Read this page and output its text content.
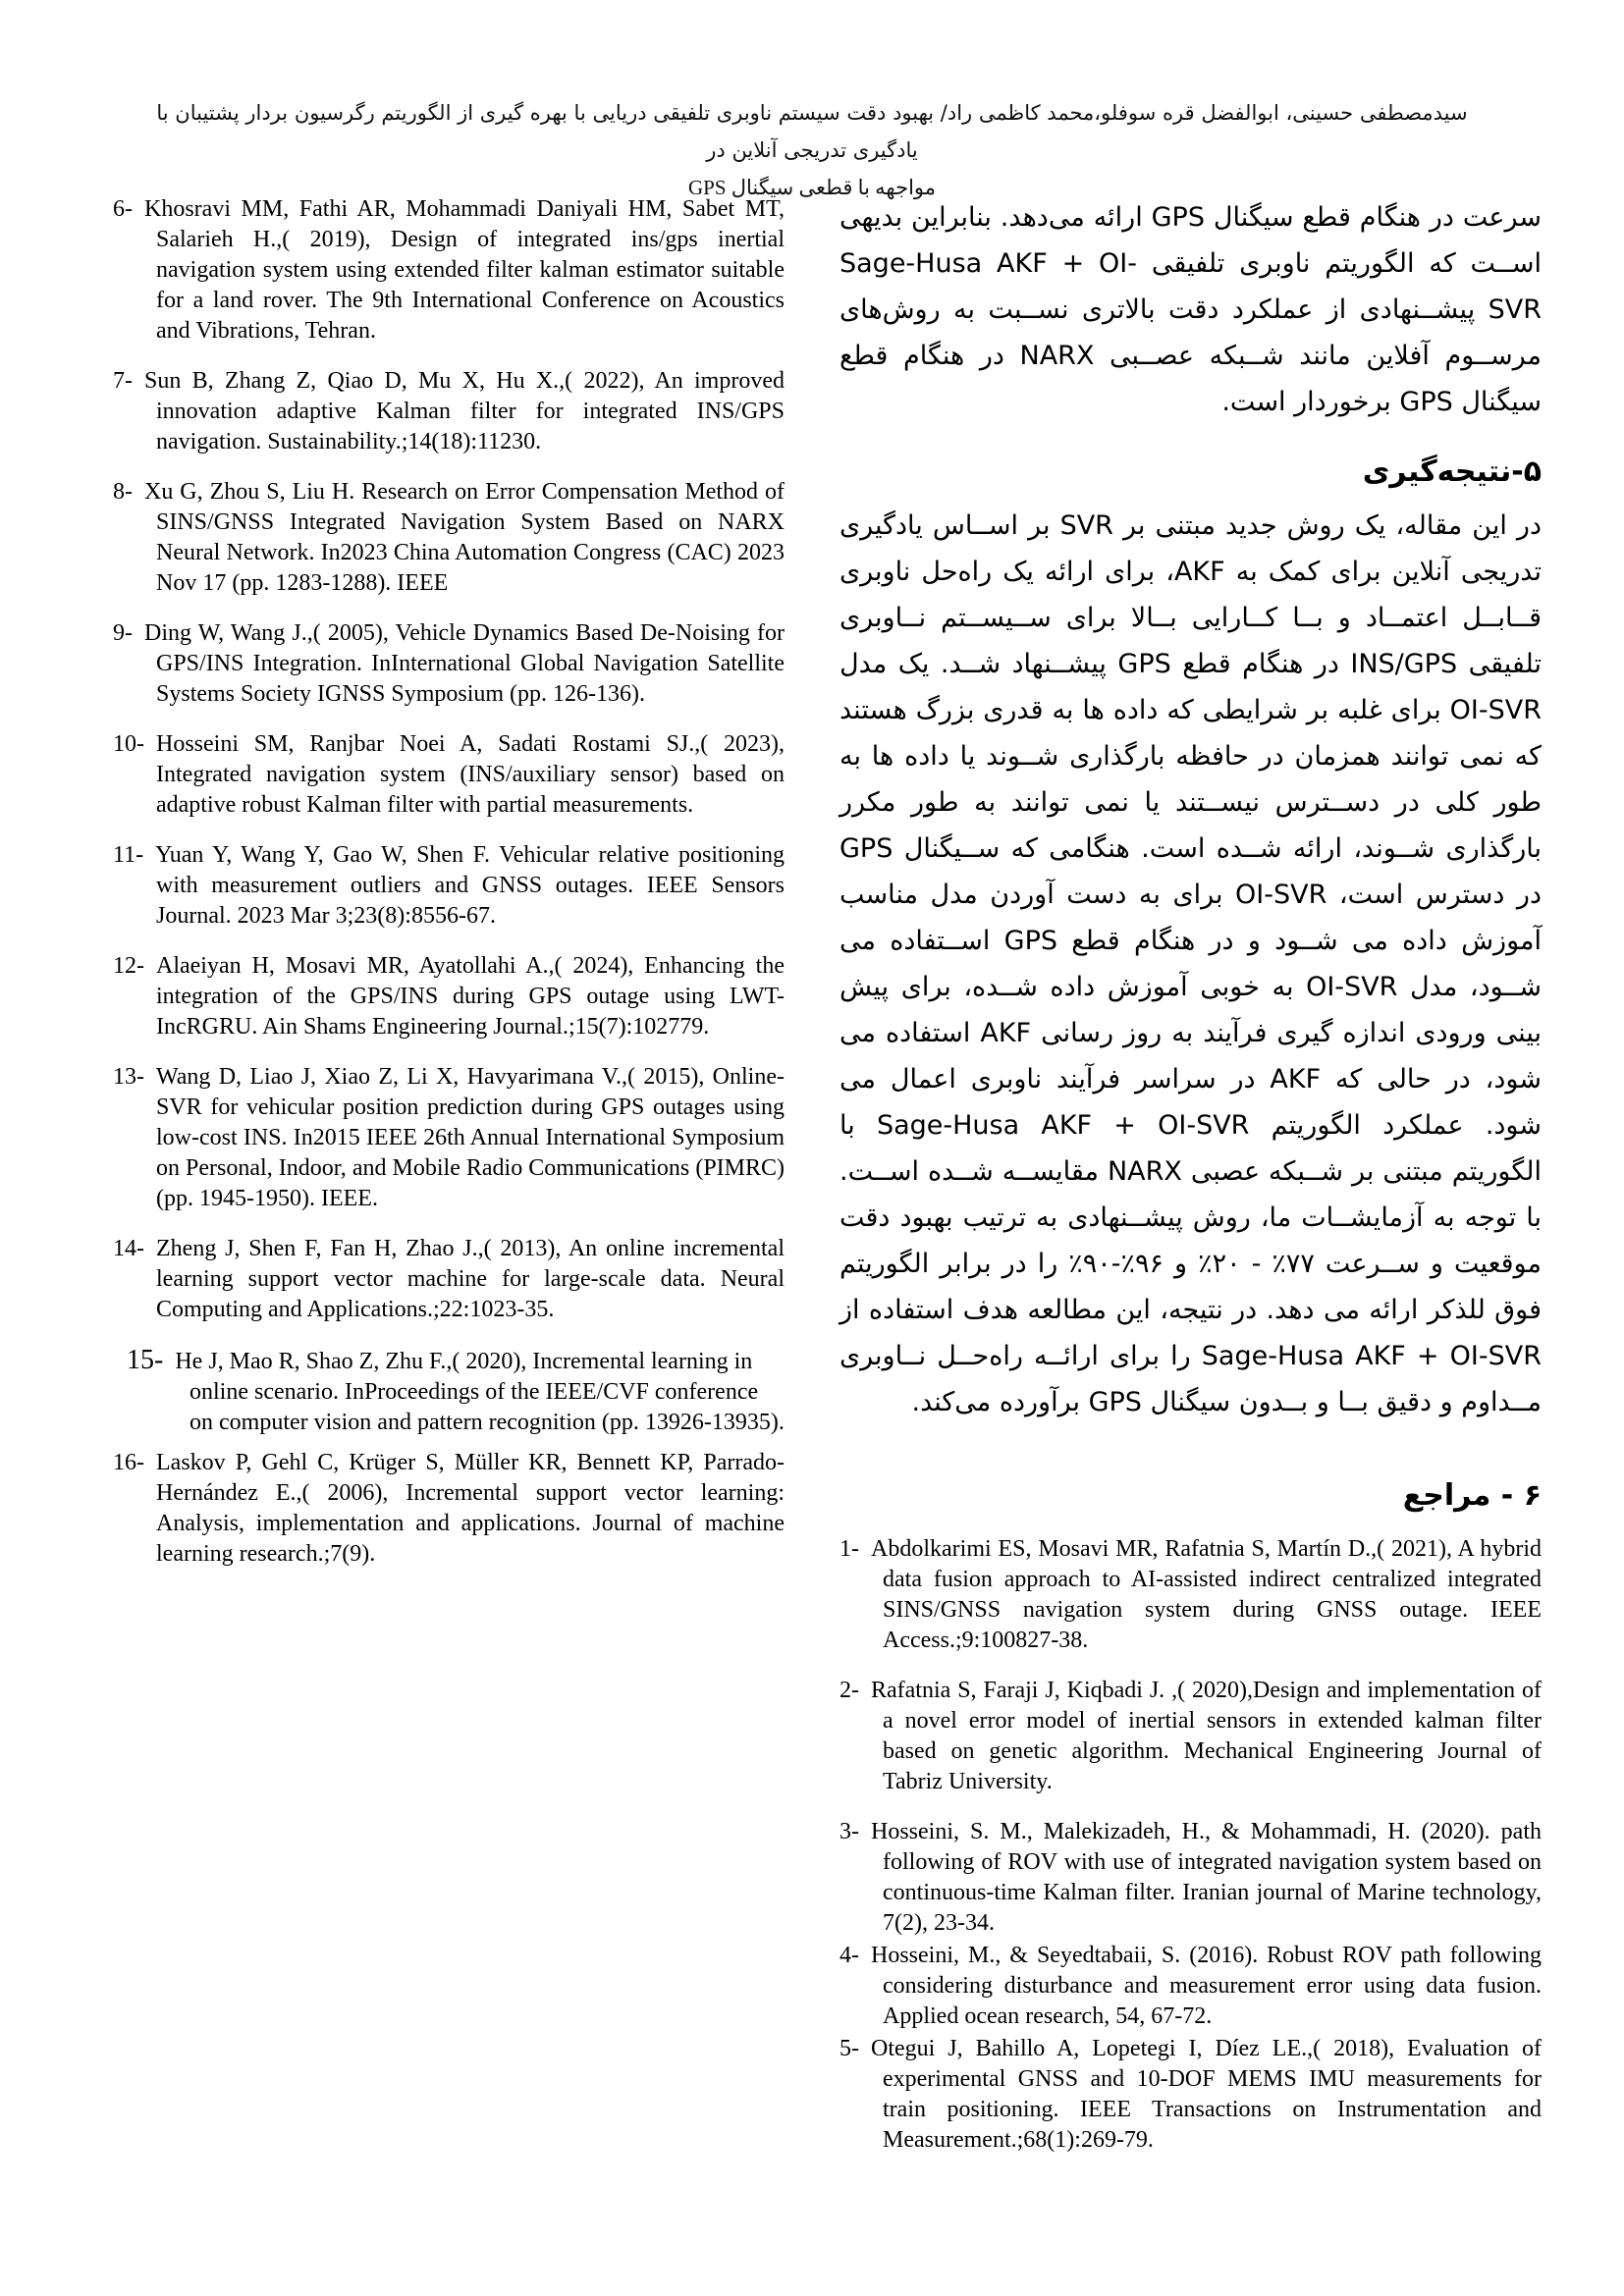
سیدمصطفی حسینی، ابوالفضل قره سوفلو،محمد کاظمی راد/ بهبود دقت سیستم ناوبری تلفیقی دریایی با بهره گیری از الگوریتم رگرسیون بردار پشتیبان با یادگیری تدریجی آنلاین در
مواجهه با قطعی سیگنال GPS

6- Khosravi MM, Fathi AR, Mohammadi Daniyali HM, Sabet MT, Salarieh H.,( 2019), Design of integrated ins/gps inertial navigation system using extended filter kalman estimator suitable for a land rover. The 9th International Conference on Acoustics and Vibrations, Tehran.

7- Sun B, Zhang Z, Qiao D, Mu X, Hu X.,( 2022), An improved innovation adaptive Kalman filter for integrated INS/GPS navigation. Sustainability.;14(18):11230.

8- Xu G, Zhou S, Liu H. Research on Error Compensation Method of SINS/GNSS Integrated Navigation System Based on NARX Neural Network. In2023 China Automation Congress (CAC) 2023 Nov 17 (pp. 1283-1288). IEEE

9- Ding W, Wang J.,( 2005), Vehicle Dynamics Based De-Noising for GPS/INS Integration. InInternational Global Navigation Satellite Systems Society IGNSS Symposium (pp. 126-136).

10- Hosseini SM, Ranjbar Noei A, Sadati Rostami SJ.,( 2023), Integrated navigation system (INS/auxiliary sensor) based on adaptive robust Kalman filter with partial measurements.

11- Yuan Y, Wang Y, Gao W, Shen F. Vehicular relative positioning with measurement outliers and GNSS outages. IEEE Sensors Journal. 2023 Mar 3;23(8):8556-67.

12- Alaeiyan H, Mosavi MR, Ayatollahi A.,( 2024), Enhancing the integration of the GPS/INS during GPS outage using LWT-IncRGRU. Ain Shams Engineering Journal.;15(7):102779.

13- Wang D, Liao J, Xiao Z, Li X, Havyarimana V.,( 2015), Online-SVR for vehicular position prediction during GPS outages using low-cost INS. In2015 IEEE 26th Annual International Symposium on Personal, Indoor, and Mobile Radio Communications (PIMRC) (pp. 1945-1950). IEEE.

14- Zheng J, Shen F, Fan H, Zhao J.,( 2013), An online incremental learning support vector machine for large-scale data. Neural Computing and Applications.;22:1023-35.

15- He J, Mao R, Shao Z, Zhu F.,( 2020), Incremental learning in online scenario. InProceedings of the IEEE/CVF conference on computer vision and pattern recognition (pp. 13926-13935).

16- Laskov P, Gehl C, Krüger S, Müller KR, Bennett KP, Parrado-Hernández E.,( 2006), Incremental support vector learning: Analysis, implementation and applications. Journal of machine learning research.;7(9).

سرعت در هنگام قطع سیگنال GPS ارائه می‌دهد. بنابراین بدیهی اســت که الگوریتم ناوبری تلفیقی Sage-Husa AKF + OI-SVR پیشــنهادی از عملکرد دقت بالاتری نســبت به روش‌های مرســوم آفلاین مانند شــبکه عصــبی NARX در هنگام قطع سیگنال GPS برخوردار است.

۵-نتیجه‌گیری

در این مقاله، یک روش جدید مبتنی بر SVR بر اســاس یادگیری تدریجی آنلاین برای کمک به AKF، برای ارائه یک راه‌حل ناوبری قــابــل اعتمــاد و بــا کــارایی بــالا برای ســیســتم نــاوبری تلفیقی INS/GPS در هنگام قطع GPS پیشــنهاد شــد. یک مدل OI-SVR برای غلبه بر شرایطی که داده ها به قدری بزرگ هستند که نمی توانند همزمان در حافظه بارگذاری شــوند یا داده ها به طور کلی در دســترس نیســتند یا نمی توانند به طور مکرر بارگذاری شــوند، ارائه شــده است. هنگامی که ســیگنال GPS در دسترس است، OI-SVR برای به دست آوردن مدل مناسب آموزش داده می شــود و در هنگام قطع GPS اســتفاده می شــود، مدل OI-SVR به خوبی آموزش داده شــده، برای پیش بینی ورودی اندازه گیری فرآیند به روز رسانی AKF استفاده می شود، در حالی که AKF در سراسر فرآیند ناوبری اعمال می شود. عملکرد الگوریتم Sage-Husa AKF + OI-SVR با الگوریتم مبتنی بر شــبکه عصبی NARX مقایســه شــده اســت. با توجه به آزمایشــات ما، روش پیشــنهادی به ترتیب بهبود دقت موقعیت و ســرعت ۷۷٪ - ۲۰٪ و ۹۶٪-۹۰٪ را در برابر الگوریتم فوق للذکر ارائه می دهد. در نتیجه، این مطالعه هدف استفاده از Sage-Husa AKF + OI-SVR را برای ارائــه راه‌حــل نــاوبری مــداوم و دقیق بــا و بــدون سیگنال GPS برآورده می‌کند.

۶ - مراجع

1- Abdolkarimi ES, Mosavi MR, Rafatnia S, Martín D.,( 2021), A hybrid data fusion approach to AI-assisted indirect centralized integrated SINS/GNSS navigation system during GNSS outage. IEEE Access.;9:100827-38.

2- Rafatnia S, Faraji J, Kiqbadi J. ,( 2020),Design and implementation of a novel error model of inertial sensors in extended kalman filter based on genetic algorithm. Mechanical Engineering Journal of Tabriz University.

3- Hosseini, S. M., Malekizadeh, H., & Mohammadi, H. (2020). path following of ROV with use of integrated navigation system based on continuous-time Kalman filter. Iranian journal of Marine technology, 7(2), 23-34.

4- Hosseini, M., & Seyedtabaii, S. (2016). Robust ROV path following considering disturbance and measurement error using data fusion. Applied ocean research, 54, 67-72.

5- Otegui J, Bahillo A, Lopetegi I, Díez LE.,( 2018), Evaluation of experimental GNSS and 10-DOF MEMS IMU measurements for train positioning. IEEE Transactions on Instrumentation and Measurement.;68(1):269-79.
